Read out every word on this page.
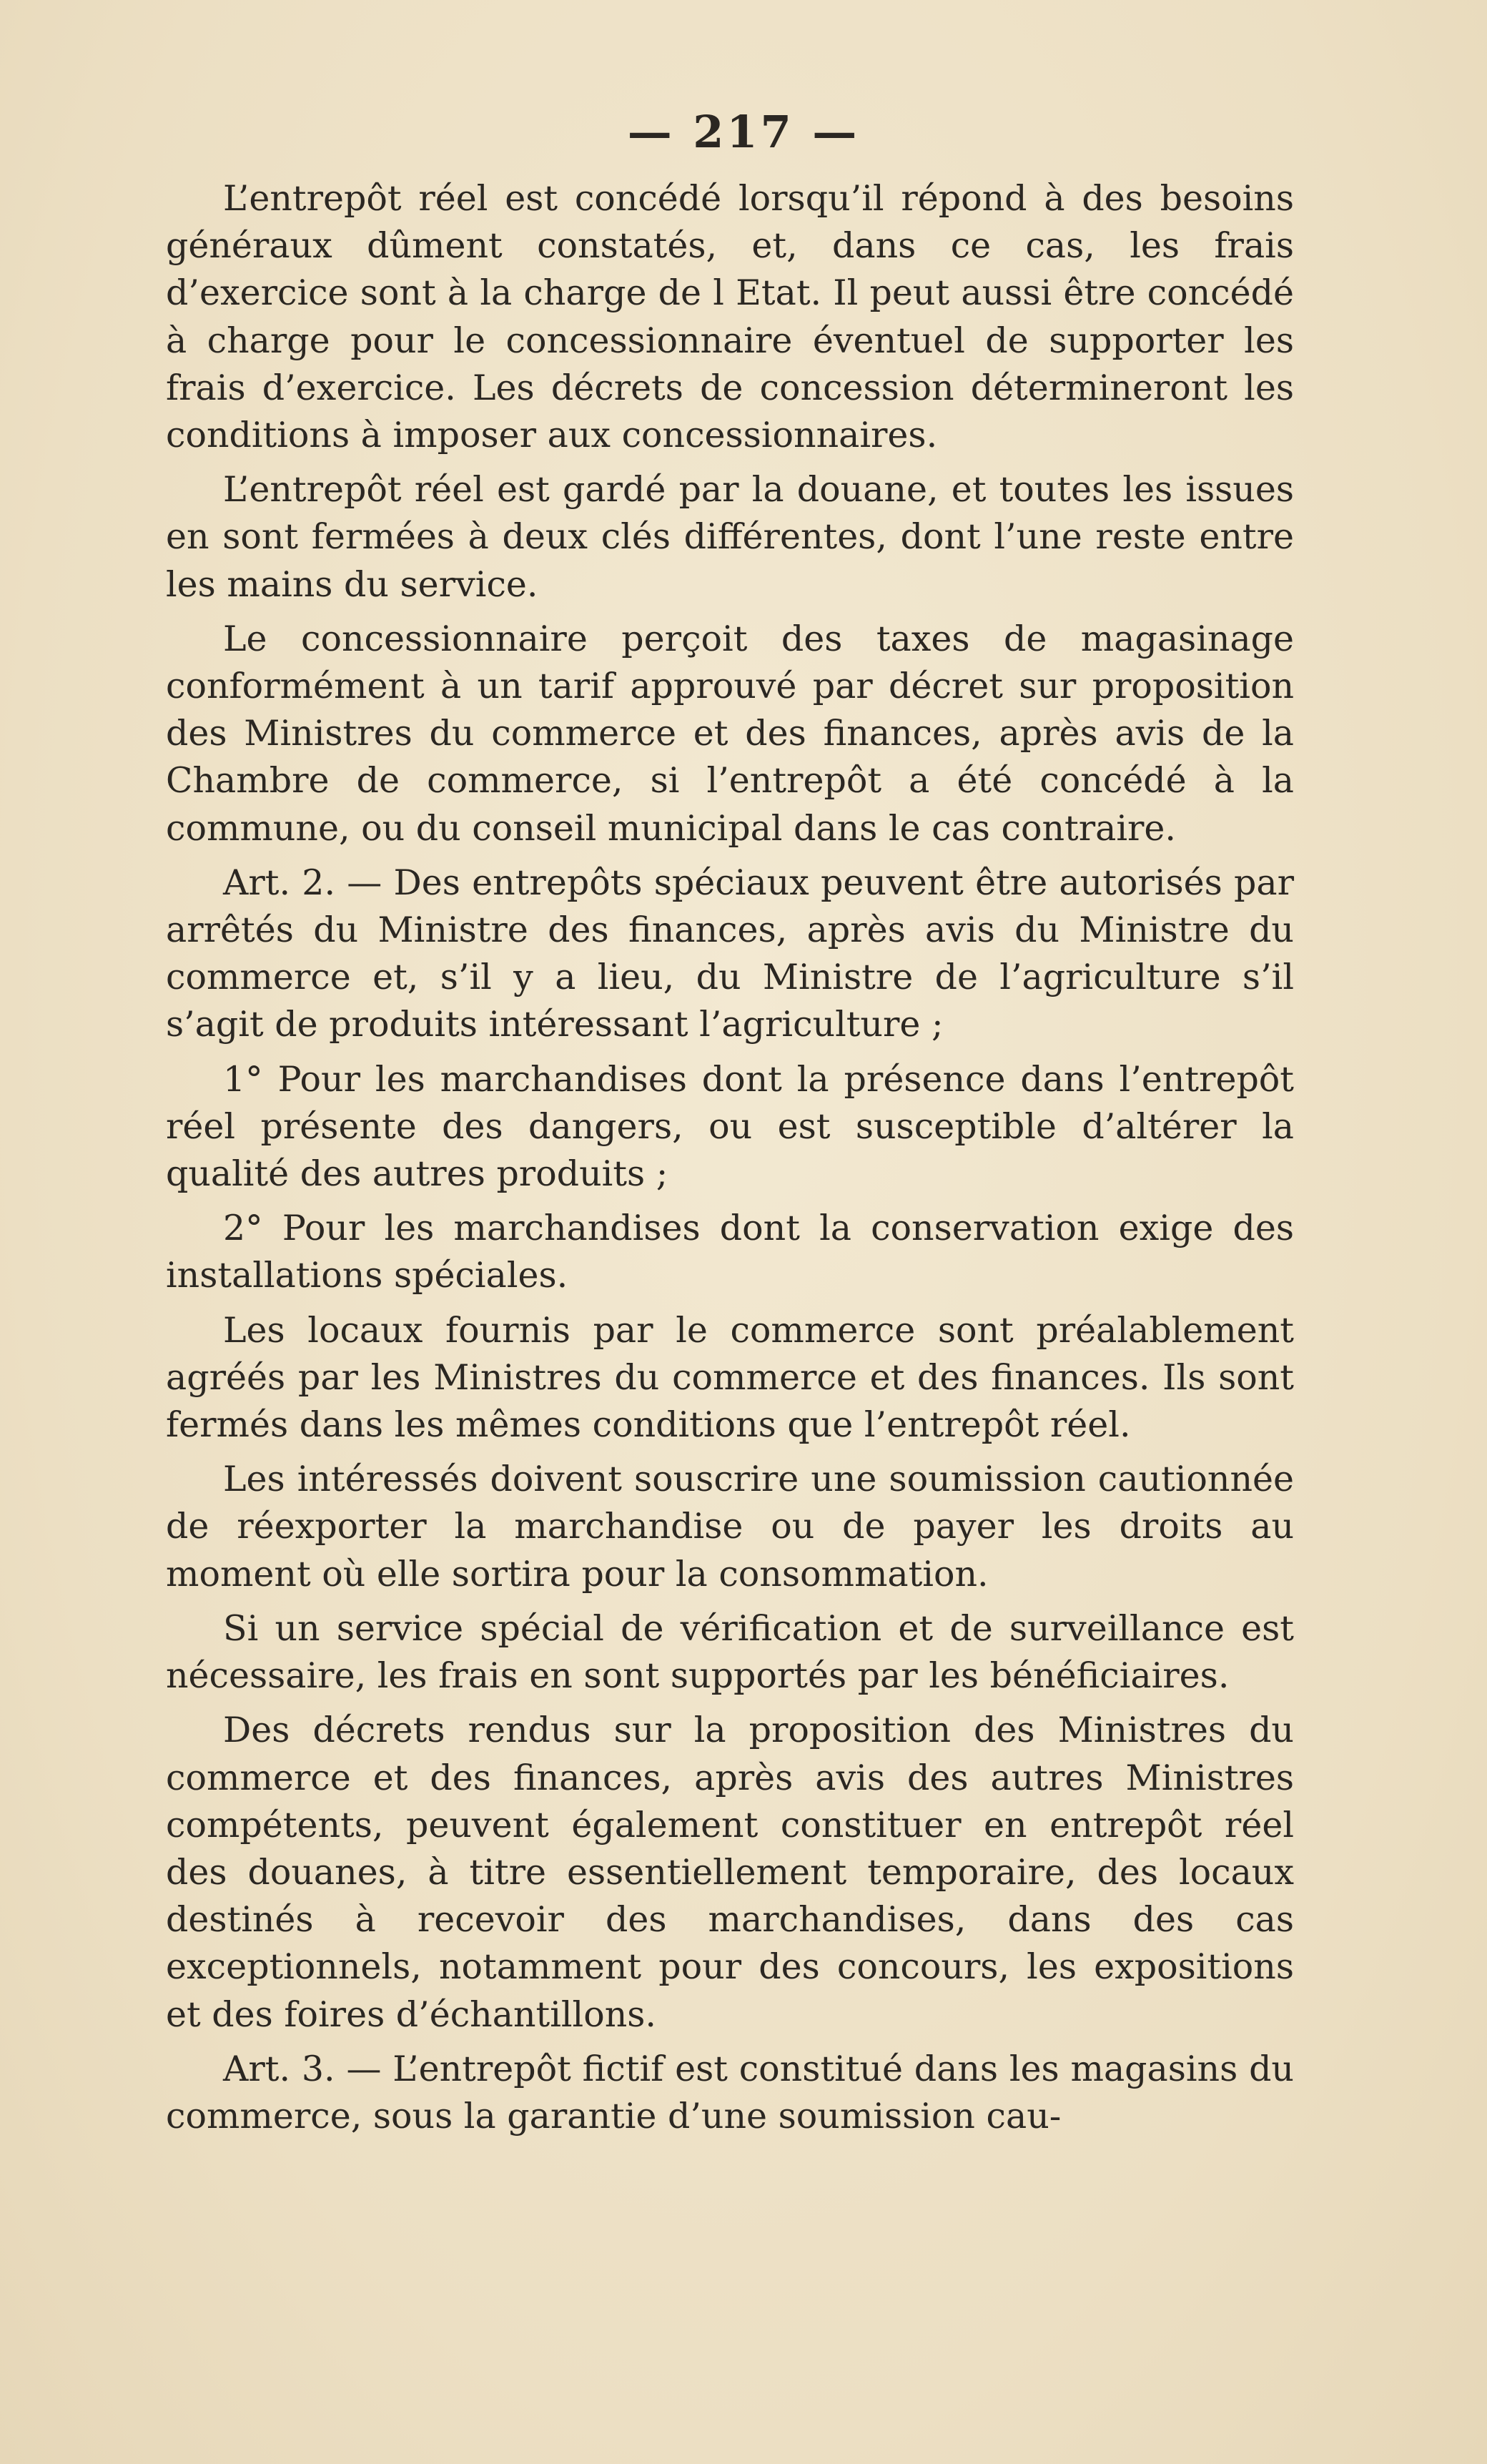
— 217 —

L’entrepôt réel est concédé lorsqu’il répond à des besoins généraux dûment constatés, et, dans ce cas, les frais d’exercice sont à la charge de l Etat. Il peut aussi être concédé à charge pour le concessionnaire éventuel de supporter les frais d’exercice. Les décrets de concession détermineront les conditions à imposer aux concessionnaires.

L’entrepôt réel est gardé par la douane, et toutes les issues en sont fermées à deux clés différentes, dont l’une reste entre les mains du service.

Le concessionnaire perçoit des taxes de magasinage conformément à un tarif approuvé par décret sur proposition des Ministres du commerce et des finances, après avis de la Chambre de commerce, si l’entrepôt a été concédé à la commune, ou du conseil municipal dans le cas contraire.

Art. 2. — Des entrepôts spéciaux peuvent être autorisés par arrêtés du Ministre des finances, après avis du Ministre du commerce et, s’il y a lieu, du Ministre de l’agriculture s’il s’agit de produits intéressant l’agriculture ;

1° Pour les marchandises dont la présence dans l’entrepôt réel présente des dangers, ou est susceptible d’altérer la qualité des autres produits ;

2° Pour les marchandises dont la conservation exige des installations spéciales.

Les locaux fournis par le commerce sont préalablement agréés par les Ministres du commerce et des finances. Ils sont fermés dans les mêmes conditions que l’entrepôt réel.

Les intéressés doivent souscrire une soumission cautionnée de réexporter la marchandise ou de payer les droits au moment où elle sortira pour la consommation.

Si un service spécial de vérification et de surveillance est nécessaire, les frais en sont supportés par les bénéficiaires.

Des décrets rendus sur la proposition des Ministres du commerce et des finances, après avis des autres Ministres compétents, peuvent également constituer en entrepôt réel des douanes, à titre essentiellement temporaire, des locaux destinés à recevoir des marchandises, dans des cas exceptionnels, notamment pour des concours, les expositions et des foires d’échantillons.

Art. 3. — L’entrepôt fictif est constitué dans les magasins du commerce, sous la garantie d’une soumission cau-
